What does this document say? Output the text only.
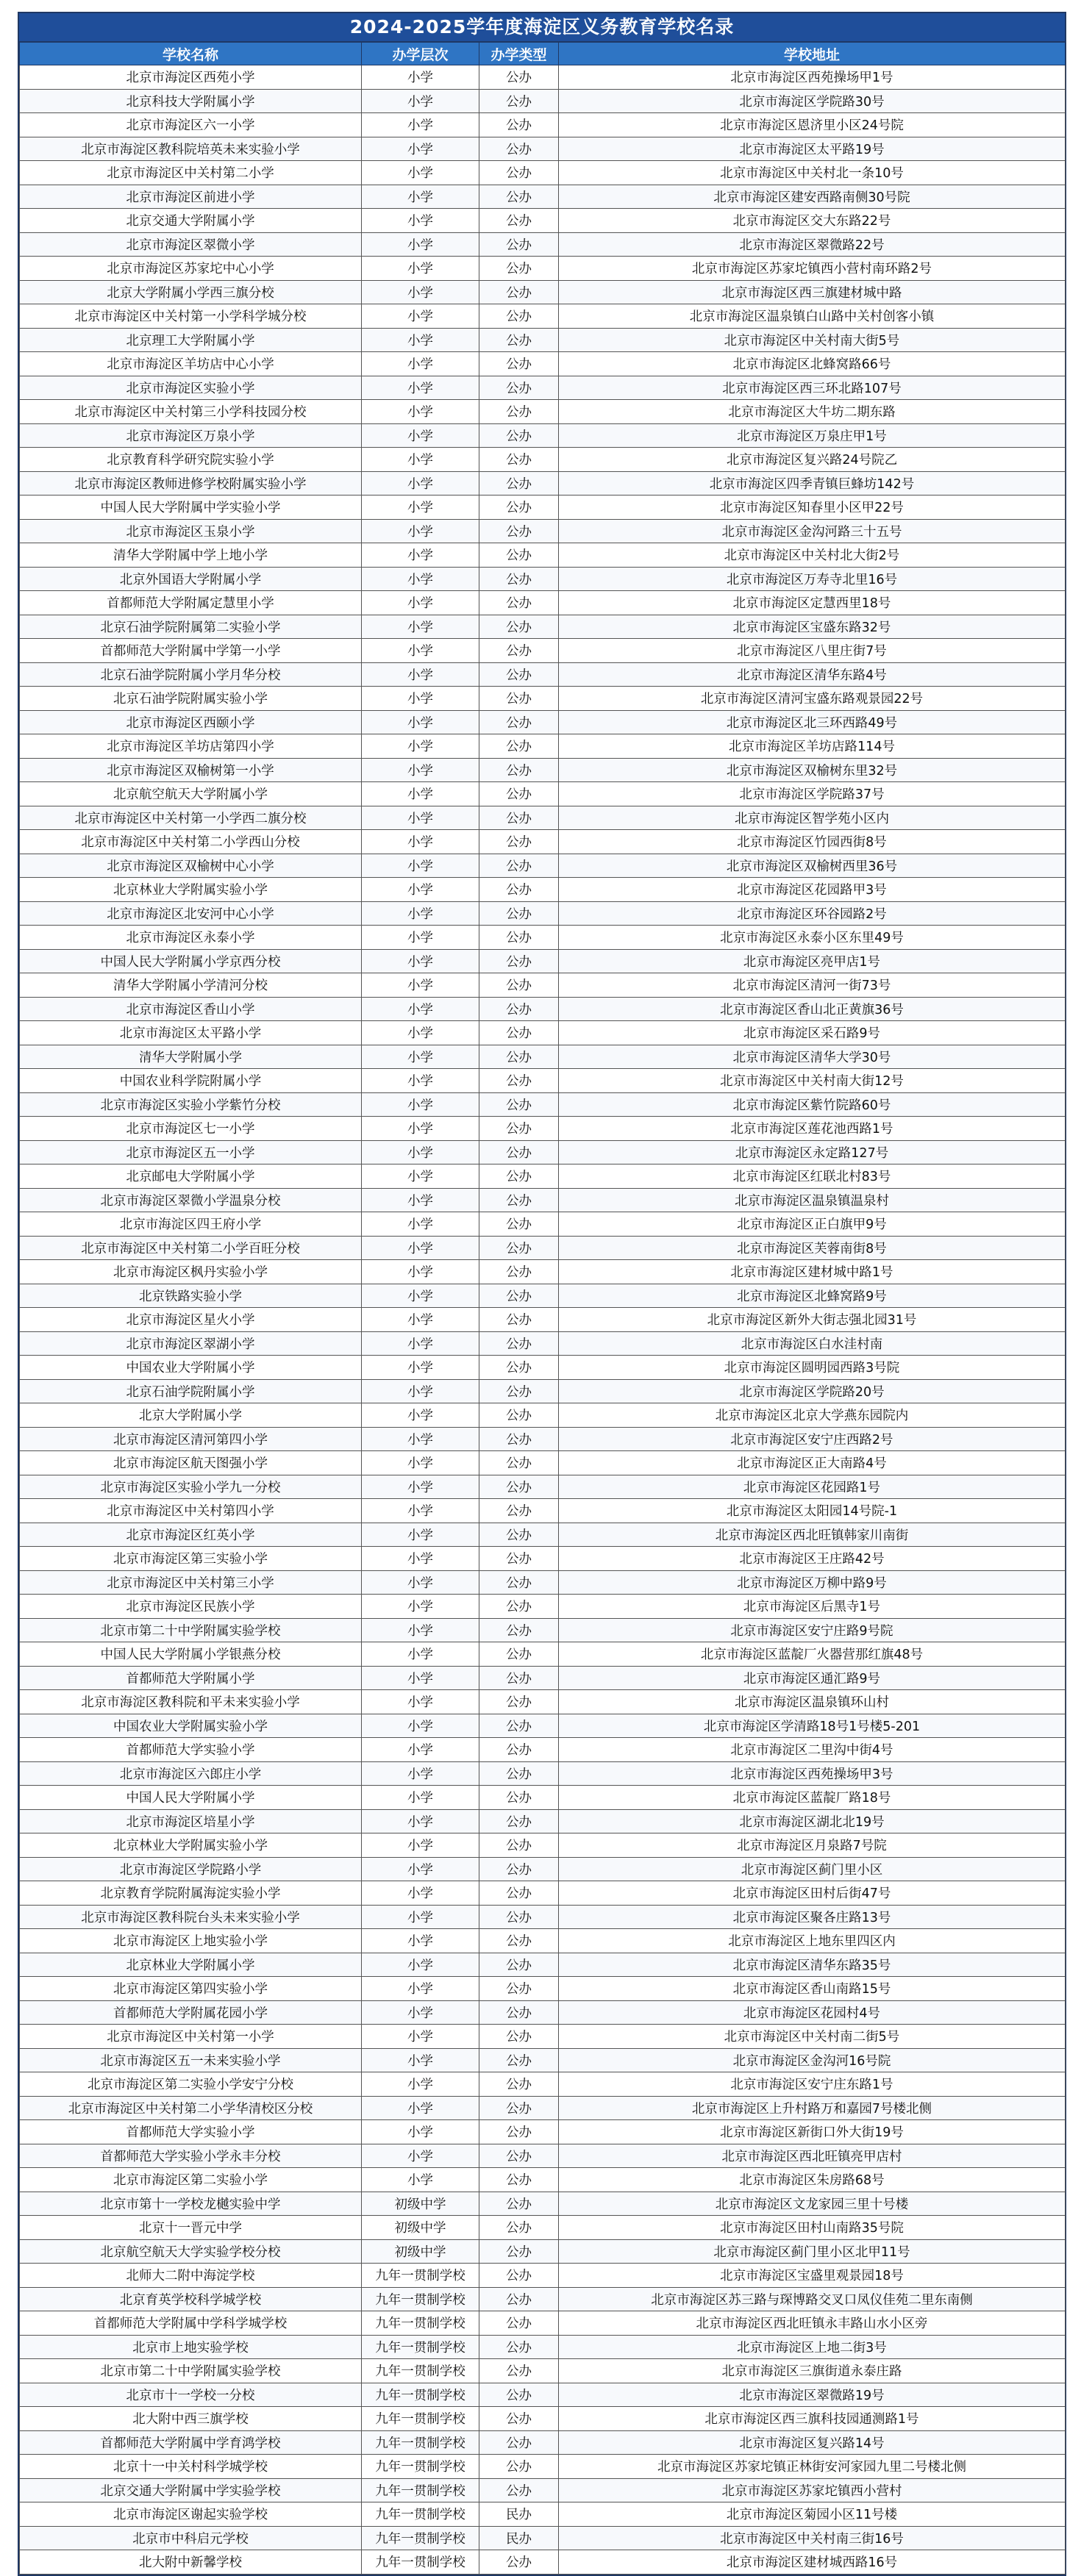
2024-2025学年度海淀区义务教育学校名录
学校名称	办学层次	办学类型	学校地址
北京市海淀区西苑小学	小学	公办	北京市海淀区西苑操场甲1号
北京科技大学附属小学	小学	公办	北京市海淀区学院路30号
北京市海淀区六一小学	小学	公办	北京市海淀区恩济里小区24号院
北京市海淀区教科院培英未来实验小学	小学	公办	北京市海淀区太平路19号
北京市海淀区中关村第二小学	小学	公办	北京市海淀区中关村北一条10号
北京市海淀区前进小学	小学	公办	北京市海淀区建安西路南侧30号院
北京交通大学附属小学	小学	公办	北京市海淀区交大东路22号
北京市海淀区翠微小学	小学	公办	北京市海淀区翠微路22号
北京市海淀区苏家坨中心小学	小学	公办	北京市海淀区苏家坨镇西小营村南环路2号
北京大学附属小学西三旗分校	小学	公办	北京市海淀区西三旗建材城中路
北京市海淀区中关村第一小学科学城分校	小学	公办	北京市海淀区温泉镇白山路中关村创客小镇
北京理工大学附属小学	小学	公办	北京市海淀区中关村南大街5号
北京市海淀区羊坊店中心小学	小学	公办	北京市海淀区北蜂窝路66号
北京市海淀区实验小学	小学	公办	北京市海淀区西三环北路107号
北京市海淀区中关村第三小学科技园分校	小学	公办	北京市海淀区大牛坊二期东路
北京市海淀区万泉小学	小学	公办	北京市海淀区万泉庄甲1号
北京教育科学研究院实验小学	小学	公办	北京市海淀区复兴路24号院乙
北京市海淀区教师进修学校附属实验小学	小学	公办	北京市海淀区四季青镇巨蜂坊142号
中国人民大学附属中学实验小学	小学	公办	北京市海淀区知春里小区甲22号
北京市海淀区玉泉小学	小学	公办	北京市海淀区金沟河路三十五号
清华大学附属中学上地小学	小学	公办	北京市海淀区中关村北大街2号
北京外国语大学附属小学	小学	公办	北京市海淀区万寿寺北里16号
首都师范大学附属定慧里小学	小学	公办	北京市海淀区定慧西里18号
北京石油学院附属第二实验小学	小学	公办	北京市海淀区宝盛东路32号
首都师范大学附属中学第一小学	小学	公办	北京市海淀区八里庄街7号
北京石油学院附属小学月华分校	小学	公办	北京市海淀区清华东路4号
北京石油学院附属实验小学	小学	公办	北京市海淀区清河宝盛东路观景园22号
北京市海淀区西颐小学	小学	公办	北京市海淀区北三环西路49号
北京市海淀区羊坊店第四小学	小学	公办	北京市海淀区羊坊店路114号
北京市海淀区双榆树第一小学	小学	公办	北京市海淀区双榆树东里32号
北京航空航天大学附属小学	小学	公办	北京市海淀区学院路37号
北京市海淀区中关村第一小学西二旗分校	小学	公办	北京市海淀区智学苑小区内
北京市海淀区中关村第二小学西山分校	小学	公办	北京市海淀区竹园西街8号
北京市海淀区双榆树中心小学	小学	公办	北京市海淀区双榆树西里36号
北京林业大学附属实验小学	小学	公办	北京市海淀区花园路甲3号
北京市海淀区北安河中心小学	小学	公办	北京市海淀区环谷园路2号
北京市海淀区永泰小学	小学	公办	北京市海淀区永泰小区东里49号
中国人民大学附属小学京西分校	小学	公办	北京市海淀区亮甲店1号
清华大学附属小学清河分校	小学	公办	北京市海淀区清河一街73号
北京市海淀区香山小学	小学	公办	北京市海淀区香山北正黄旗36号
北京市海淀区太平路小学	小学	公办	北京市海淀区采石路9号
清华大学附属小学	小学	公办	北京市海淀区清华大学30号
中国农业科学院附属小学	小学	公办	北京市海淀区中关村南大街12号
北京市海淀区实验小学紫竹分校	小学	公办	北京市海淀区紫竹院路60号
北京市海淀区七一小学	小学	公办	北京市海淀区莲花池西路1号
北京市海淀区五一小学	小学	公办	北京市海淀区永定路127号
北京邮电大学附属小学	小学	公办	北京市海淀区红联北村83号
北京市海淀区翠微小学温泉分校	小学	公办	北京市海淀区温泉镇温泉村
北京市海淀区四王府小学	小学	公办	北京市海淀区正白旗甲9号
北京市海淀区中关村第二小学百旺分校	小学	公办	北京市海淀区芙蓉南街8号
北京市海淀区枫丹实验小学	小学	公办	北京市海淀区建材城中路1号
北京铁路实验小学	小学	公办	北京市海淀区北蜂窝路9号
北京市海淀区星火小学	小学	公办	北京市海淀区新外大街志强北园31号
北京市海淀区翠湖小学	小学	公办	北京市海淀区白水洼村南
中国农业大学附属小学	小学	公办	北京市海淀区圆明园西路3号院
北京石油学院附属小学	小学	公办	北京市海淀区学院路20号
北京大学附属小学	小学	公办	北京市海淀区北京大学燕东园院内
北京市海淀区清河第四小学	小学	公办	北京市海淀区安宁庄西路2号
北京市海淀区航天图强小学	小学	公办	北京市海淀区正大南路4号
北京市海淀区实验小学九一分校	小学	公办	北京市海淀区花园路1号
北京市海淀区中关村第四小学	小学	公办	北京市海淀区太阳园14号院-1
北京市海淀区红英小学	小学	公办	北京市海淀区西北旺镇韩家川南街
北京市海淀区第三实验小学	小学	公办	北京市海淀区王庄路42号
北京市海淀区中关村第三小学	小学	公办	北京市海淀区万柳中路9号
北京市海淀区民族小学	小学	公办	北京市海淀区后黑寺1号
北京市第二十中学附属实验学校	小学	公办	北京市海淀区安宁庄路9号院
中国人民大学附属小学银燕分校	小学	公办	北京市海淀区蓝靛厂火器营那红旗48号
首都师范大学附属小学	小学	公办	北京市海淀区通汇路9号
北京市海淀区教科院和平未来实验小学	小学	公办	北京市海淀区温泉镇环山村
中国农业大学附属实验小学	小学	公办	北京市海淀区学清路18号1号楼5-201
首都师范大学实验小学	小学	公办	北京市海淀区二里沟中街4号
北京市海淀区六郎庄小学	小学	公办	北京市海淀区西苑操场甲3号
中国人民大学附属小学	小学	公办	北京市海淀区蓝靛厂路18号
北京市海淀区培星小学	小学	公办	北京市海淀区湖北北19号
北京林业大学附属实验小学	小学	公办	北京市海淀区月泉路7号院
北京市海淀区学院路小学	小学	公办	北京市海淀区蓟门里小区
北京教育学院附属海淀实验小学	小学	公办	北京市海淀区田村后街47号
北京市海淀区教科院台头未来实验小学	小学	公办	北京市海淀区聚各庄路13号
北京市海淀区上地实验小学	小学	公办	北京市海淀区上地东里四区内
北京林业大学附属小学	小学	公办	北京市海淀区清华东路35号
北京市海淀区第四实验小学	小学	公办	北京市海淀区香山南路15号
首都师范大学附属花园小学	小学	公办	北京市海淀区花园村4号
北京市海淀区中关村第一小学	小学	公办	北京市海淀区中关村南二街5号
北京市海淀区五一未来实验小学	小学	公办	北京市海淀区金沟河16号院
北京市海淀区第二实验小学安宁分校	小学	公办	北京市海淀区安宁庄东路1号
北京市海淀区中关村第二小学华清校区分校	小学	公办	北京市海淀区上升村路万和嘉园7号楼北侧
首都师范大学实验小学	小学	公办	北京市海淀区新街口外大街19号
首都师范大学实验小学永丰分校	小学	公办	北京市海淀区西北旺镇亮甲店村
北京市海淀区第二实验小学	小学	公办	北京市海淀区朱房路68号
北京市第十一学校龙樾实验中学	初级中学	公办	北京市海淀区文龙家园三里十号楼
北京十一晋元中学	初级中学	公办	北京市海淀区田村山南路35号院
北京航空航天大学实验学校分校	初级中学	公办	北京市海淀区蓟门里小区北甲11号
北师大二附中海淀学校	九年一贯制学校	公办	北京市海淀区宝盛里观景园18号
北京育英学校科学城学校	九年一贯制学校	公办	北京市海淀区苏三路与琛博路交叉口凤仪佳苑二里东南侧
首都师范大学附属中学科学城学校	九年一贯制学校	公办	北京市海淀区西北旺镇永丰路山水小区旁
北京市上地实验学校	九年一贯制学校	公办	北京市海淀区上地二街3号
北京市第二十中学附属实验学校	九年一贯制学校	公办	北京市海淀区三旗街道永泰庄路
北京市十一学校一分校	九年一贯制学校	公办	北京市海淀区翠微路19号
北大附中西三旗学校	九年一贯制学校	公办	北京市海淀区西三旗科技园通测路1号
首都师范大学附属中学育鸿学校	九年一贯制学校	公办	北京市海淀区复兴路14号
北京十一中关村科学城学校	九年一贯制学校	公办	北京市海淀区苏家坨镇正林街安河家园九里二号楼北侧
北京交通大学附属中学实验学校	九年一贯制学校	公办	北京市海淀区苏家坨镇西小营村
北京市海淀区谢起实验学校	九年一贯制学校	民办	北京市海淀区菊园小区11号楼
北京市中科启元学校	九年一贯制学校	民办	北京市海淀区中关村南三街16号
北大附中新馨学校	九年一贯制学校	公办	北京市海淀区建材城西路16号
